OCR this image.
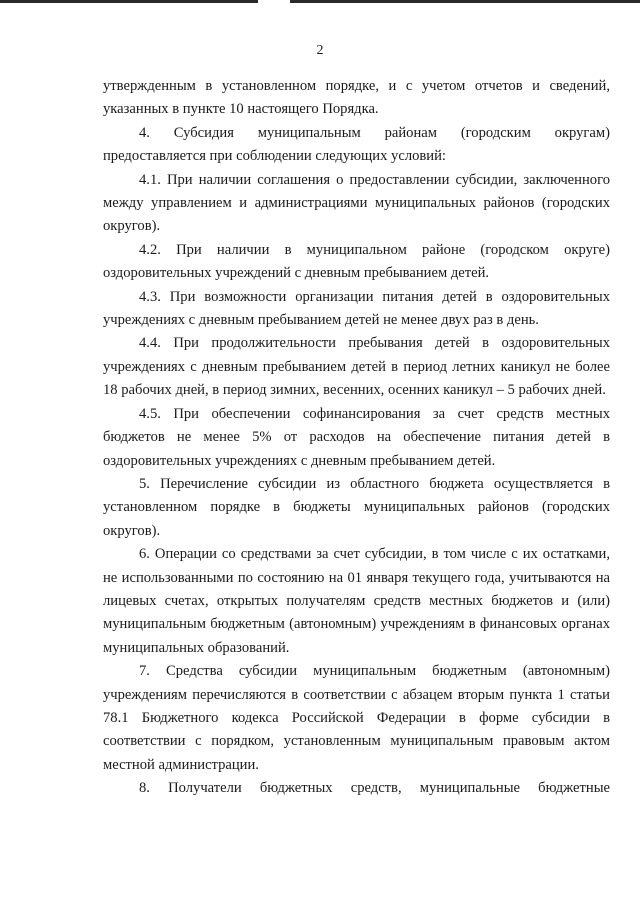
2

утвержденным в установленном порядке, и с учетом отчетов и сведений, указанных в пункте 10 настоящего Порядка.

4. Субсидия муниципальным районам (городским округам) предоставляется при соблюдении следующих условий:

4.1. При наличии соглашения о предоставлении субсидии, заключенного между управлением и администрациями муниципальных районов (городских округов).

4.2. При наличии в муниципальном районе (городском округе) оздоровительных учреждений с дневным пребыванием детей.

4.3. При возможности организации питания детей в оздоровительных учреждениях с дневным пребыванием детей не менее двух раз в день.

4.4. При продолжительности пребывания детей в оздоровительных учреждениях с дневным пребыванием детей в период летних каникул не более 18 рабочих дней, в период зимних, весенних, осенних каникул – 5 рабочих дней.

4.5. При обеспечении софинансирования за счет средств местных бюджетов не менее 5% от расходов на обеспечение питания детей в оздоровительных учреждениях с дневным пребыванием детей.

5. Перечисление субсидии из областного бюджета осуществляется в установленном порядке в бюджеты муниципальных районов (городских округов).

6. Операции со средствами за счет субсидии, в том числе с их остатками, не использованными по состоянию на 01 января текущего года, учитываются на лицевых счетах, открытых получателям средств местных бюджетов и (или) муниципальным бюджетным (автономным) учреждениям в финансовых органах муниципальных образований.

7. Средства субсидии муниципальным бюджетным (автономным) учреждениям перечисляются в соответствии с абзацем вторым пункта 1 статьи 78.1 Бюджетного кодекса Российской Федерации в форме субсидии в соответствии с порядком, установленным муниципальным правовым актом местной администрации.

8. Получатели бюджетных средств, муниципальные бюджетные
